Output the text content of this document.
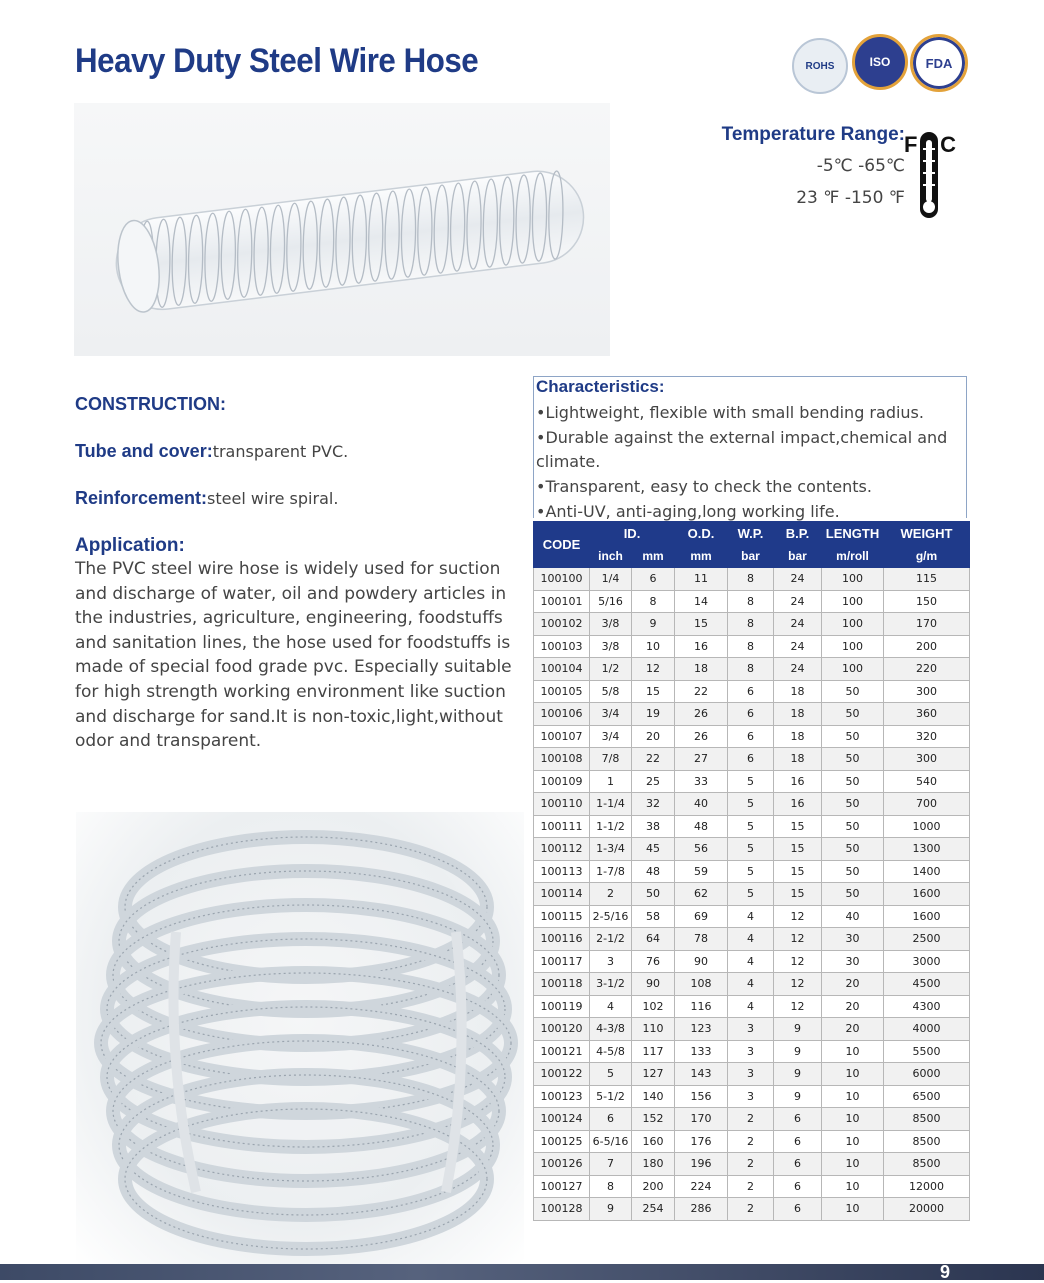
Heavy Duty Steel Wire Hose	ROHS	ISO	FDA
Temperature Range:
-5℃ -65℃
23 ℉ -150 ℉
F C
CONSTRUCTION:
Tube and cover:transparent PVC.
Reinforcement:steel wire spiral.

Application:

The PVC steel wire hose is widely used for suction and discharge of water, oil and powdery articles in the industries, agriculture, engineering, foodstuffs and sanitation lines, the hose used for foodstuffs is made of special food grade pvc. Especially suitable for high strength working environment like suction and discharge for sand.It is non-toxic,light,without odor and transparent.

Characteristics:
•Lightweight, flexible with small bending radius.
•Durable against the external impact,chemical and climate.
•Transparent, easy to check the contents.
•Anti-UV, anti-aging,long working life.
CODE	ID.		O.D.	W.P.	B.P.	LENGTH	WEIGHT
	inch	mm	mm	bar	bar	m/roll	g/m
100100	1/4	6	11	8	24	100	115
100101	5/16	8	14	8	24	100	150
100102	3/8	9	15	8	24	100	170
100103	3/8	10	16	8	24	100	200
100104	1/2	12	18	8	24	100	220
100105	5/8	15	22	6	18	50	300
100106	3/4	19	26	6	18	50	360
100107	3/4	20	26	6	18	50	320
100108	7/8	22	27	6	18	50	300
100109	1	25	33	5	16	50	540
100110	1-1/4	32	40	5	16	50	700
100111	1-1/2	38	48	5	15	50	1000
100112	1-3/4	45	56	5	15	50	1300
100113	1-7/8	48	59	5	15	50	1400
100114	2	50	62	5	15	50	1600
100115	2-5/16	58	69	4	12	40	1600
100116	2-1/2	64	78	4	12	30	2500
100117	3	76	90	4	12	30	3000
100118	3-1/2	90	108	4	12	20	4500
100119	4	102	116	4	12	20	4300
100120	4-3/8	110	123	3	9	20	4000
100121	4-5/8	117	133	3	9	10	5500
100122	5	127	143	3	9	10	6000
100123	5-1/2	140	156	3	9	10	6500
100124	6	152	170	2	6	10	8500
100125	6-5/16	160	176	2	6	10	8500
100126	7	180	196	2	6	10	8500
100127	8	200	224	2	6	10	12000
100128	9	254	286	2	6	10	20000
9
